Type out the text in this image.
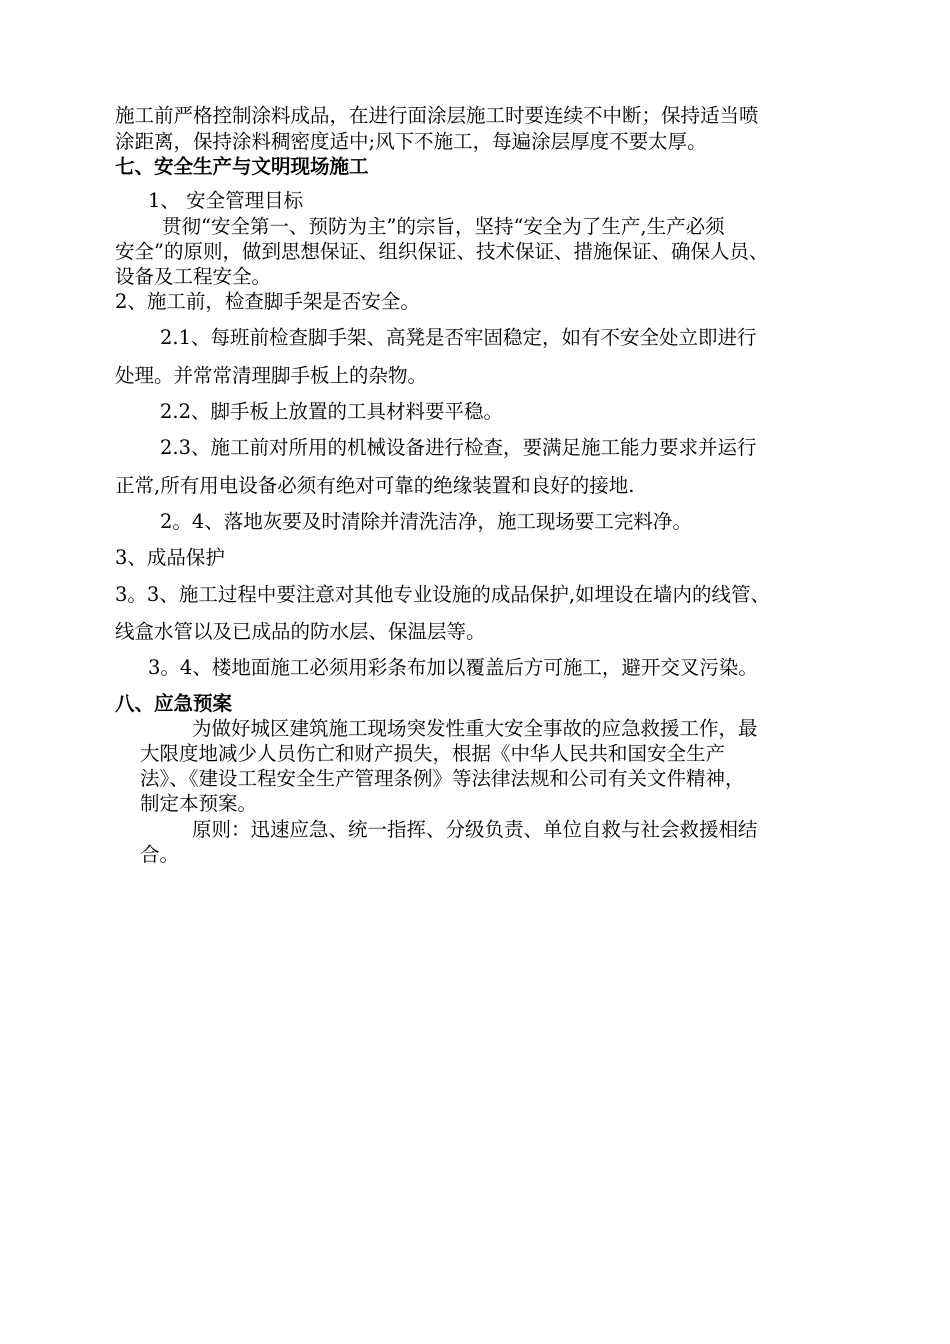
施工前严格控制涂料成品，在进行面涂层施工时要连续不中断；保持适当喷
涂距离，保持涂料稠密度适中;风下不施工，每遍涂层厚度不要太厚。
七、安全生产与文明现场施工
1、 安全管理目标
贯彻“安全第一、预防为主”的宗旨，坚持“安全为了生产,生产必须
安全”的原则，做到思想保证、组织保证、技术保证、措施保证、确保人员、
设备及工程安全。
2、施工前，检查脚手架是否安全。
2.1、每班前检查脚手架、高凳是否牢固稳定，如有不安全处立即进行
处理。并常常清理脚手板上的杂物。
2.2、脚手板上放置的工具材料要平稳。
2.3、施工前对所用的机械设备进行检查，要满足施工能力要求并运行
正常,所有用电设备必须有绝对可靠的绝缘装置和良好的接地.
2。4、落地灰要及时清除并清洗洁净，施工现场要工完料净。
3、成品保护
3。3、施工过程中要注意对其他专业设施的成品保护,如埋设在墙内的线管、
线盒水管以及已成品的防水层、保温层等。
3。4、楼地面施工必须用彩条布加以覆盖后方可施工，避开交叉污染。
八、应急预案
为做好城区建筑施工现场突发性重大安全事故的应急救援工作，最
大限度地减少人员伤亡和财产损失，根据《中华人民共和国安全生产
法》、《建设工程安全生产管理条例》等法律法规和公司有关文件精神，
制定本预案。
原则：迅速应急、统一指挥、分级负责、单位自救与社会救援相结
合。
